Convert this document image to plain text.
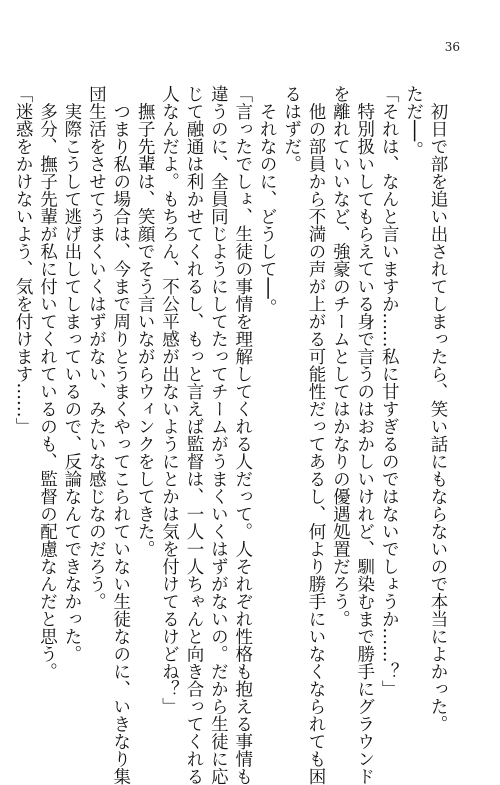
36
　初日で部を追い出されてしまったら、笑い話にもならないので本当によかった。
ただ──。
「それは、なんと言いますか……私に甘すぎるのではないでしょうか……？」
　特別扱いしてもらえている身で言うのはおかしいけれど、馴染むまで勝手にグラウンド
を離れていいなど、強豪のチームとしてはかなりの優遇処置だろう。
　他の部員から不満の声が上がる可能性だってあるし、何より勝手にいなくなられても困
るはずだ。
　それなのに、どうして──。
「言ったでしょ、生徒の事情を理解してくれる人だって。人それぞれ性格も抱える事情も
違うのに、全員同じようにしてたってチームがうまくいくはずがないの。だから生徒に応
じて融通は利かせてくれるし、もっと言えば監督は、一人一人ちゃんと向き合ってくれる
人なんだよ。もちろん、不公平感が出ないようにとかは気を付けてるけどね？」
　撫子先輩は、笑顔でそう言いながらウィンクをしてきた。
　つまり私の場合は、今まで周りとうまくやってこられていない生徒なのに、いきなり集
団生活をさせてうまくいくはずがない、みたいな感じなのだろう。
　実際こうして逃げ出してしまっているので、反論なんてできなかった。
　多分、撫子先輩が私に付いてくれているのも、監督の配慮なんだと思う。
「迷惑をかけないよう、気を付けます……」
